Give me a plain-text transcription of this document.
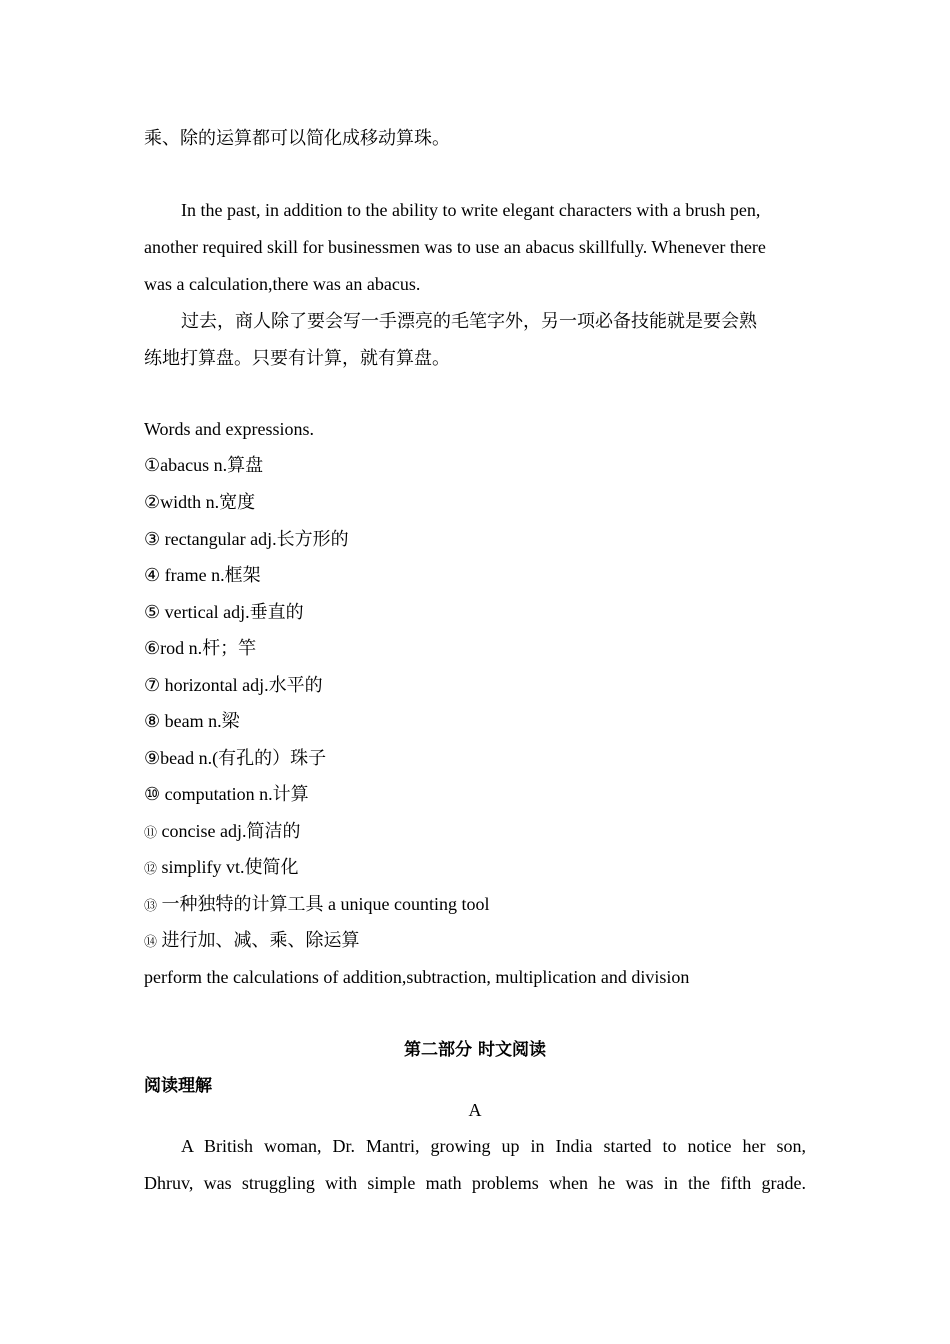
乘、除的运算都可以简化成移动算珠。
In the past, in addition to the ability to write elegant characters with a brush pen,
another required skill for businessmen was to use an abacus skillfully. Whenever there
was a calculation,there was an abacus.
过去，商人除了要会写一手漂亮的毛笔字外，另一项必备技能就是要会熟
练地打算盘。只要有计算，就有算盘。
Words and expressions.
①abacus n.算盘
②width n.宽度
③ rectangular adj.长方形的
④ frame n.框架
⑤ vertical adj.垂直的
⑥rod n.杆；竿
⑦ horizontal adj.水平的
⑧ beam n.梁
⑨bead n.(有孔的）珠子
⑩ computation n.计算
⑪ concise adj.简洁的
⑫ simplify vt.使简化
⑬ 一种独特的计算工具 a unique counting tool
⑭ 进行加、减、乘、除运算
perform the calculations of addition,subtraction, multiplication and division
第二部分 时文阅读
阅读理解
A
A British woman, Dr. Mantri, growing up in India started to notice her son,
Dhruv, was struggling with simple math problems when he was in the fifth grade.
